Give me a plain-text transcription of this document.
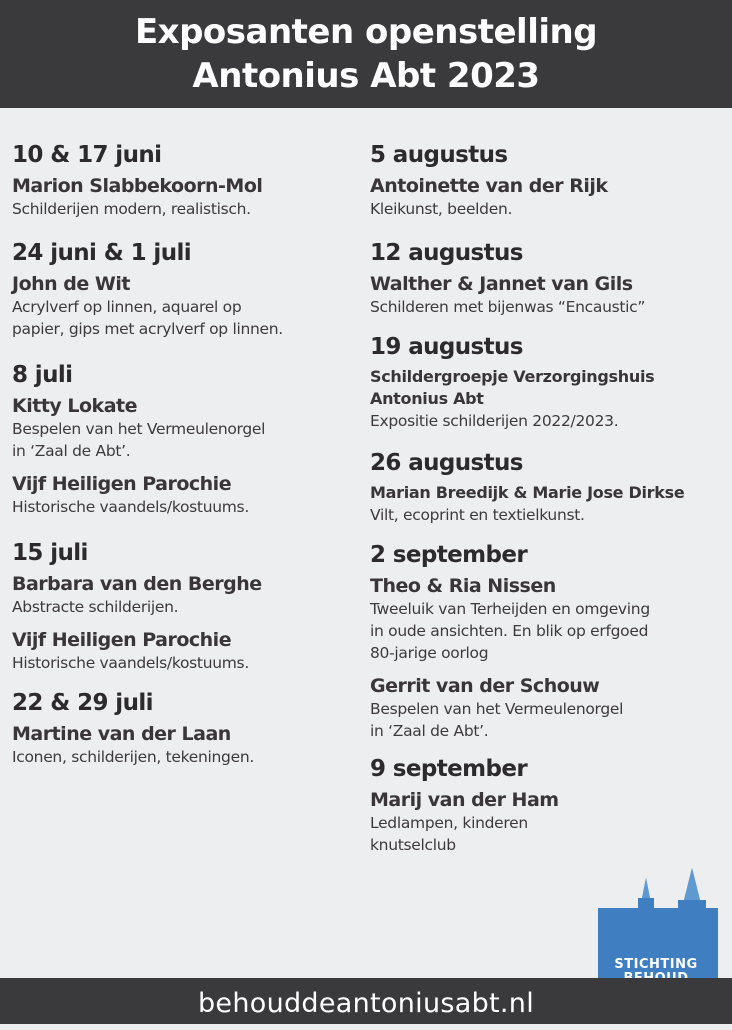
Exposanten openstelling
Antonius Abt 2023

10 & 17 juni

Marion Slabbekoorn-Mol

Schilderijen modern, realistisch.

24 juni & 1 juli

John de Wit

Acrylverf op linnen, aquarel op

papier, gips met acrylverf op linnen.

8 juli

Kitty Lokate

Bespelen van het Vermeulenorgel

in ‘Zaal de Abt’.

Vijf Heiligen Parochie

Historische vaandels/kostuums.

15 juli

Barbara van den Berghe

Abstracte schilderijen.

Vijf Heiligen Parochie

Historische vaandels/kostuums.

22 & 29 juli

Martine van der Laan

Iconen, schilderijen, tekeningen.

5 augustus

Antoinette van der Rijk

Kleikunst, beelden.

12 augustus

Walther & Jannet van Gils

Schilderen met bijenwas “Encaustic”

19 augustus

Schildergroepje Verzorgingshuis

Antonius Abt

Expositie schilderijen 2022/2023.

26 augustus

Marian Breedijk & Marie Jose Dirkse

Vilt, ecoprint en textielkunst.

2 september

Theo & Ria Nissen

Tweeluik van Terheijden en omgeving

in oude ansichten. En blik op erfgoed

80-jarige oorlog

Gerrit van der Schouw

Bespelen van het Vermeulenorgel

in ‘Zaal de Abt’.

9 september

Marij van der Ham

Ledlampen, kinderen

knutselclub

STICHTING
behouddeantoniusabt.nl
